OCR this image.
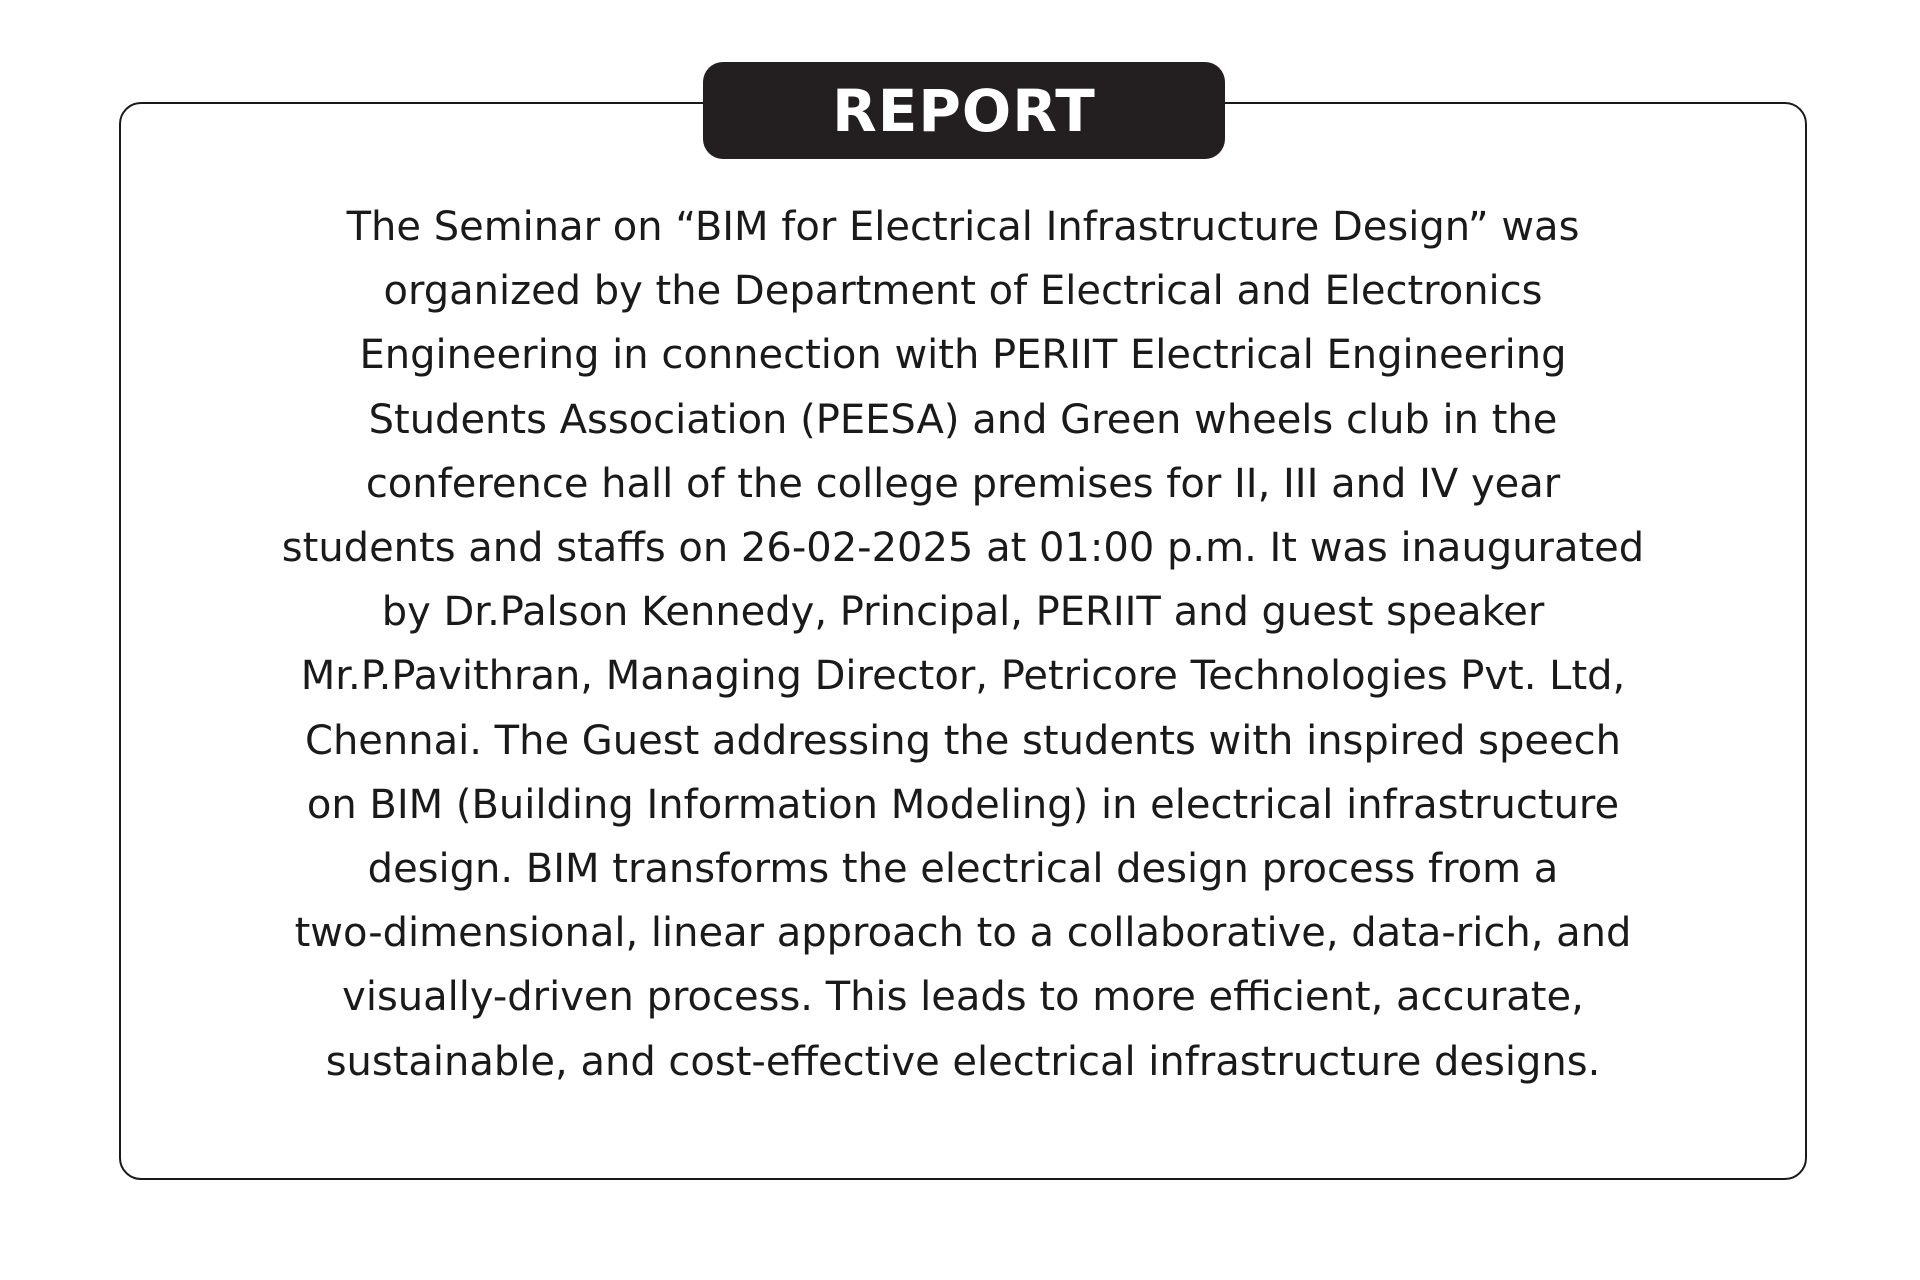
REPORT

The Seminar on “BIM for Electrical Infrastructure Design” was
organized by the Department of Electrical and Electronics
Engineering in connection with PERIIT Electrical Engineering
Students Association (PEESA) and Green wheels club in the
conference hall of the college premises for II, III and IV year
students and staffs on 26-02-2025 at 01:00 p.m. It was inaugurated
by Dr.Palson Kennedy, Principal, PERIIT and guest speaker
Mr.P.Pavithran, Managing Director, Petricore Technologies Pvt. Ltd,
Chennai. The Guest addressing the students with inspired speech
on BIM (Building Information Modeling) in electrical infrastructure
design. BIM transforms the electrical design process from a
two-dimensional, linear approach to a collaborative, data-rich, and
visually-driven process. This leads to more efficient, accurate,
sustainable, and cost-effective electrical infrastructure designs.
